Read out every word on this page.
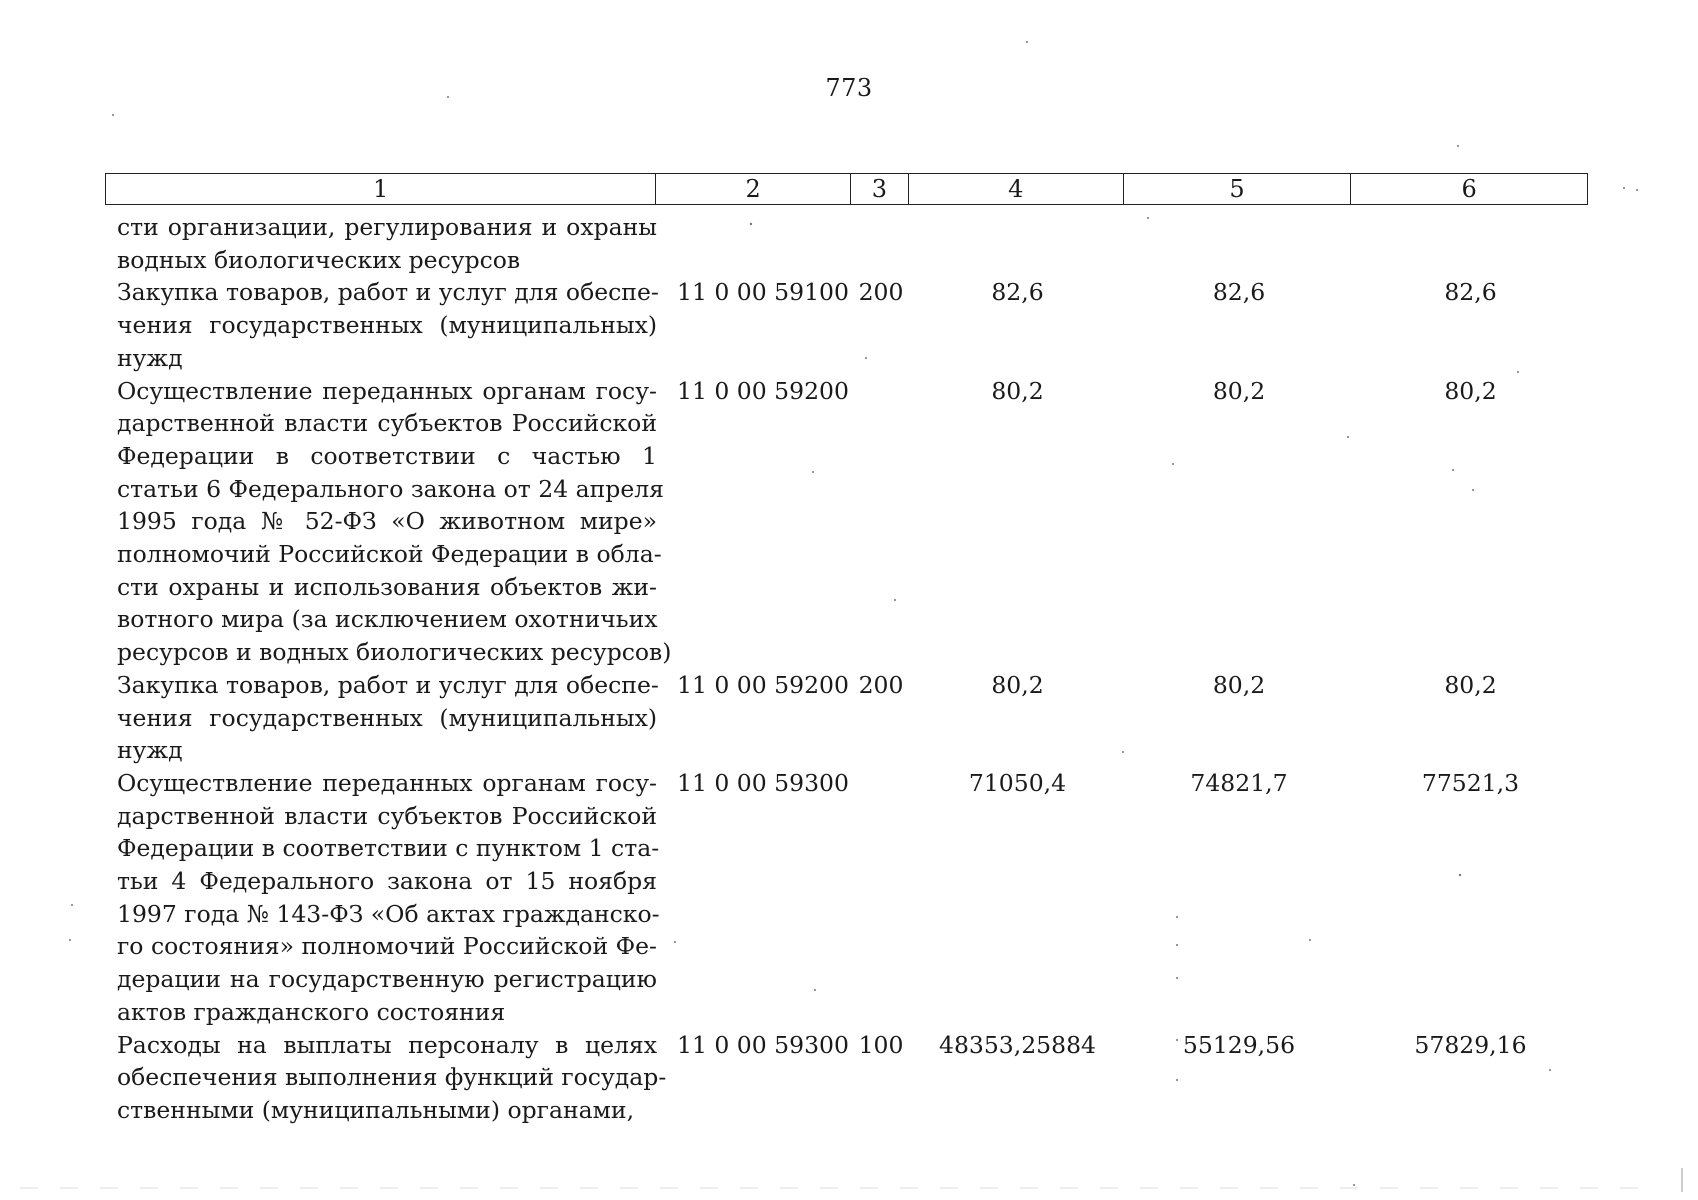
773
1	2	3	4	5	6
сти организации, регулирования и охраны
водных биологических ресурсов
Закупка товаров, работ и услуг для обеспе-
чения государственных (муниципальных)
нужд
11 0 00 59100 200	82,6	82,6	82,6
Осуществление переданных органам госу-
дарственной власти субъектов Российской
Федерации в соответствии с частью 1
статьи 6 Федерального закона от 24 апреля
1995 года № 52-ФЗ «О животном мире»
полномочий Российской Федерации в обла-
сти охраны и использования объектов жи-
вотного мира (за исключением охотничьих
ресурсов и водных биологических ресурсов)
11 0 00 59200	80,2	80,2	80,2
Закупка товаров, работ и услуг для обеспе-
чения государственных (муниципальных)
нужд
11 0 00 59200 200	80,2	80,2	80,2
Осуществление переданных органам госу-
дарственной власти субъектов Российской
Федерации в соответствии с пунктом 1 ста-
тьи 4 Федерального закона от 15 ноября
1997 года № 143-ФЗ «Об актах гражданско-
го состояния» полномочий Российской Фе-
дерации на государственную регистрацию
актов гражданского состояния
11 0 00 59300	71050,4	74821,7	77521,3
Расходы на выплаты персоналу в целях
обеспечения выполнения функций государ-
ственными (муниципальными) органами,
11 0 00 59300 100	48353,25884	55129,56	57829,16
